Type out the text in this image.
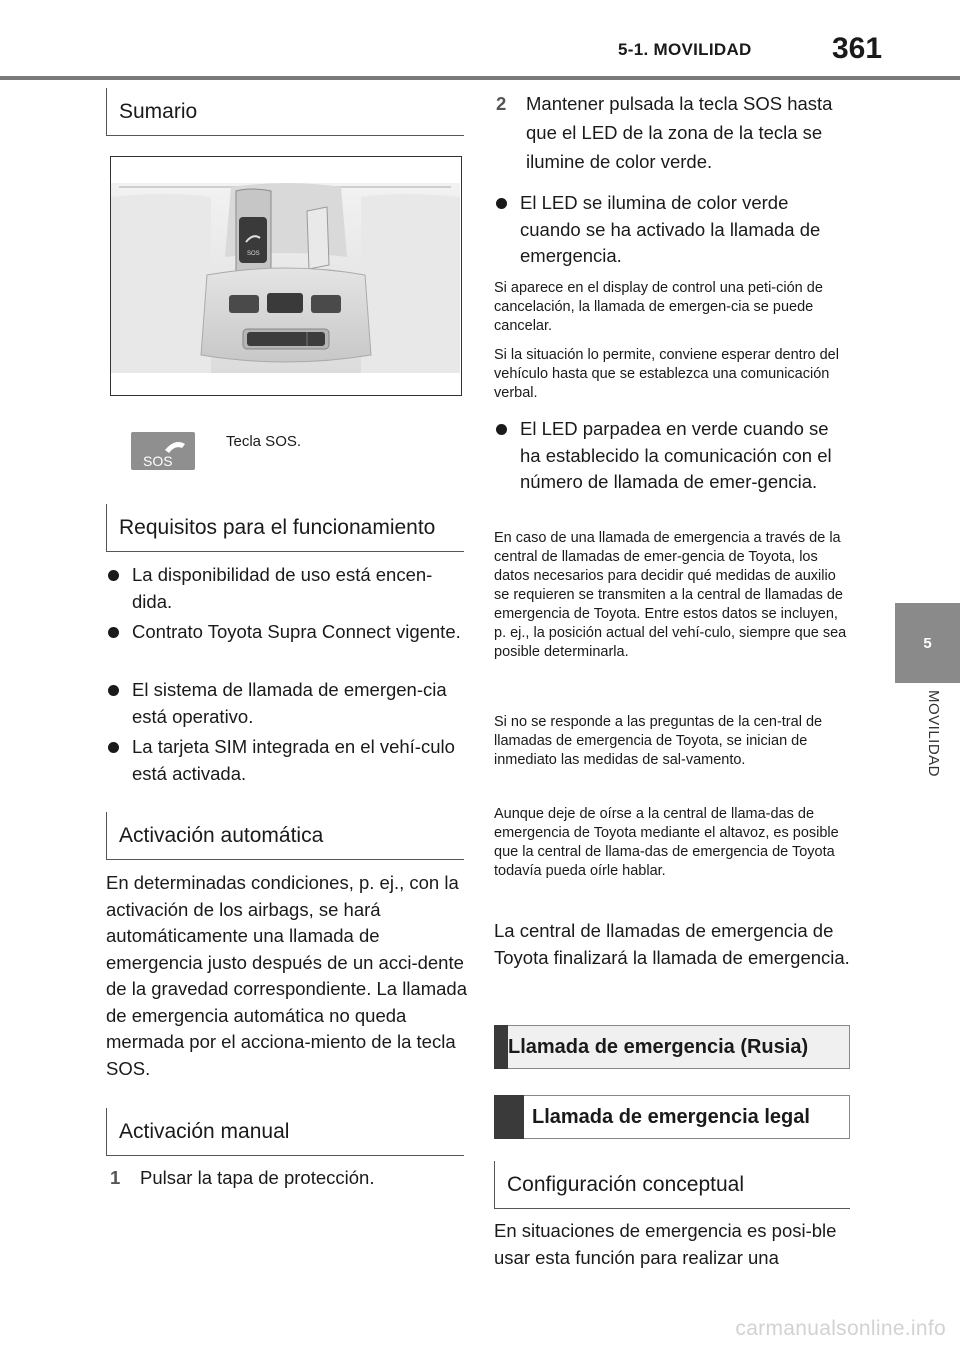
5-1. MOVILIDAD	361
5
MOVILIDAD
Sumario
SOS
SOS
Tecla SOS.
Requisitos para el funcionamiento
La disponibilidad de uso está encen-dida.
Contrato Toyota Supra Connect vigente.
El sistema de llamada de emergen-cia está operativo.
La tarjeta SIM integrada en el vehí-culo está activada.
Activación automática
En determinadas condiciones, p. ej., con la activación de los airbags, se hará automáticamente una llamada de emergencia justo después de un acci-dente de la gravedad correspondiente. La llamada de emergencia automática no queda mermada por el acciona-miento de la tecla SOS.
Activación manual
1 Pulsar la tapa de protección.
2 Mantener pulsada la tecla SOS hasta que el LED de la zona de la tecla se ilumine de color verde.
El LED se ilumina de color verde cuando se ha activado la llamada de emergencia.
Si aparece en el display de control una peti-ción de cancelación, la llamada de emergen-cia se puede cancelar.
Si la situación lo permite, conviene esperar dentro del vehículo hasta que se establezca una comunicación verbal.
El LED parpadea en verde cuando se ha establecido la comunicación con el número de llamada de emer-gencia.
En caso de una llamada de emergencia a través de la central de llamadas de emer-gencia de Toyota, los datos necesarios para decidir qué medidas de auxilio se requieren se transmiten a la central de llamadas de emergencia de Toyota. Entre estos datos se incluyen, p. ej., la posición actual del vehí-culo, siempre que sea posible determinarla.
Si no se responde a las preguntas de la cen-tral de llamadas de emergencia de Toyota, se inician de inmediato las medidas de sal-vamento.
Aunque deje de oírse a la central de llama-das de emergencia de Toyota mediante el altavoz, es posible que la central de llama-das de emergencia de Toyota todavía pueda oírle hablar.
La central de llamadas de emergencia de Toyota finalizará la llamada de emergencia.
Llamada de emergencia (Rusia)
Llamada de emergencia legal
Configuración conceptual
En situaciones de emergencia es posi-ble usar esta función para realizar una
carmanualsonline.info
